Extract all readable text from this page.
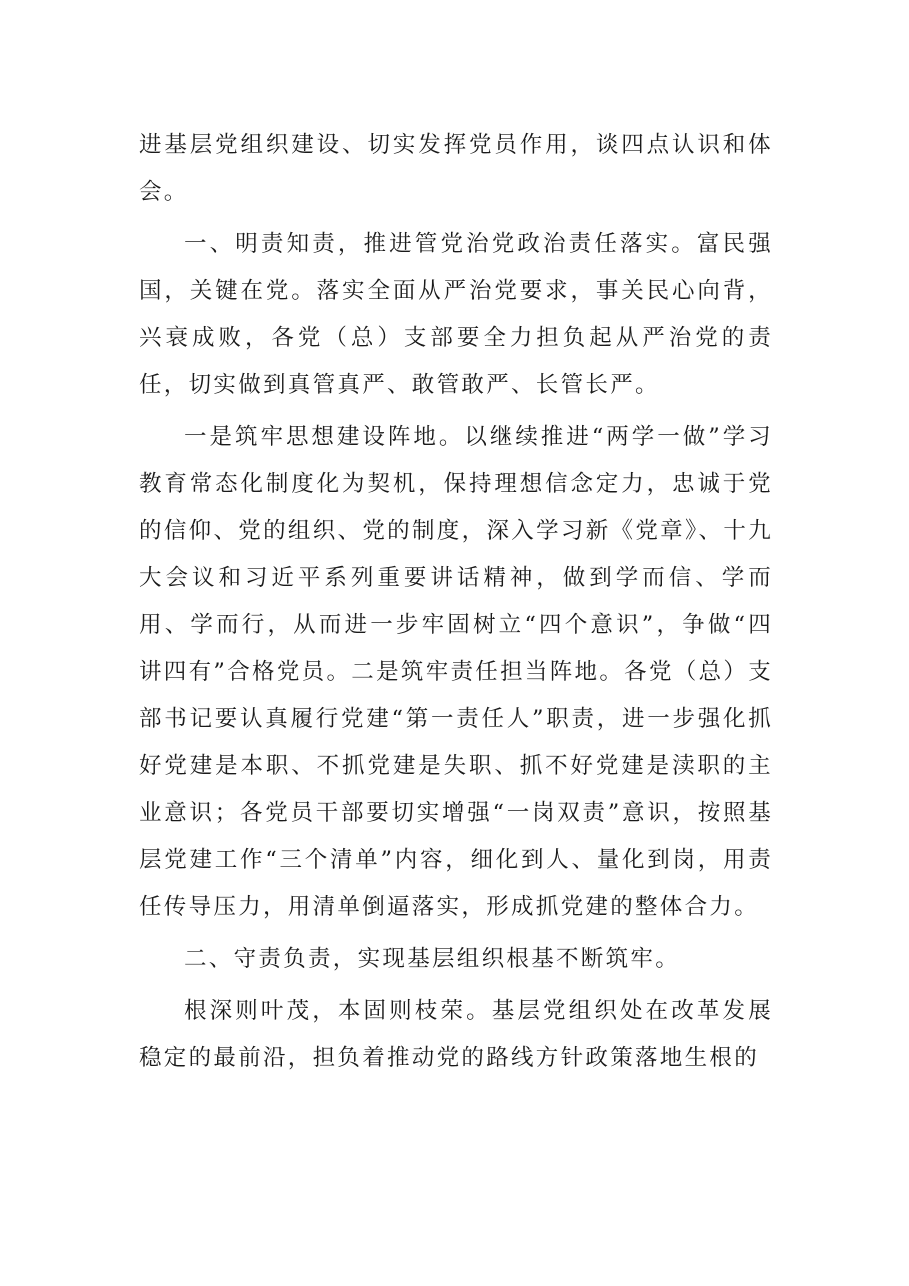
进基层党组织建设、切实发挥党员作用，谈四点认识和体会。

一、明责知责，推进管党治党政治责任落实。富民强国，关键在党。落实全面从严治党要求，事关民心向背，兴衰成败，各党（总）支部要全力担负起从严治党的责任，切实做到真管真严、敢管敢严、长管长严。

一是筑牢思想建设阵地。以继续推进“两学一做”学习教育常态化制度化为契机，保持理想信念定力，忠诚于党的信仰、党的组织、党的制度，深入学习新《党章》、十九大会议和习近平系列重要讲话精神，做到学而信、学而用、学而行，从而进一步牢固树立“四个意识”，争做“四讲四有”合格党员。二是筑牢责任担当阵地。各党（总）支部书记要认真履行党建“第一责任人”职责，进一步强化抓好党建是本职、不抓党建是失职、抓不好党建是渎职的主业意识；各党员干部要切实增强“一岗双责”意识，按照基层党建工作“三个清单”内容，细化到人、量化到岗，用责任传导压力，用清单倒逼落实，形成抓党建的整体合力。

二、守责负责，实现基层组织根基不断筑牢。

根深则叶茂，本固则枝荣。基层党组织处在改革发展稳定的最前沿，担负着推动党的路线方针政策落地生根的
